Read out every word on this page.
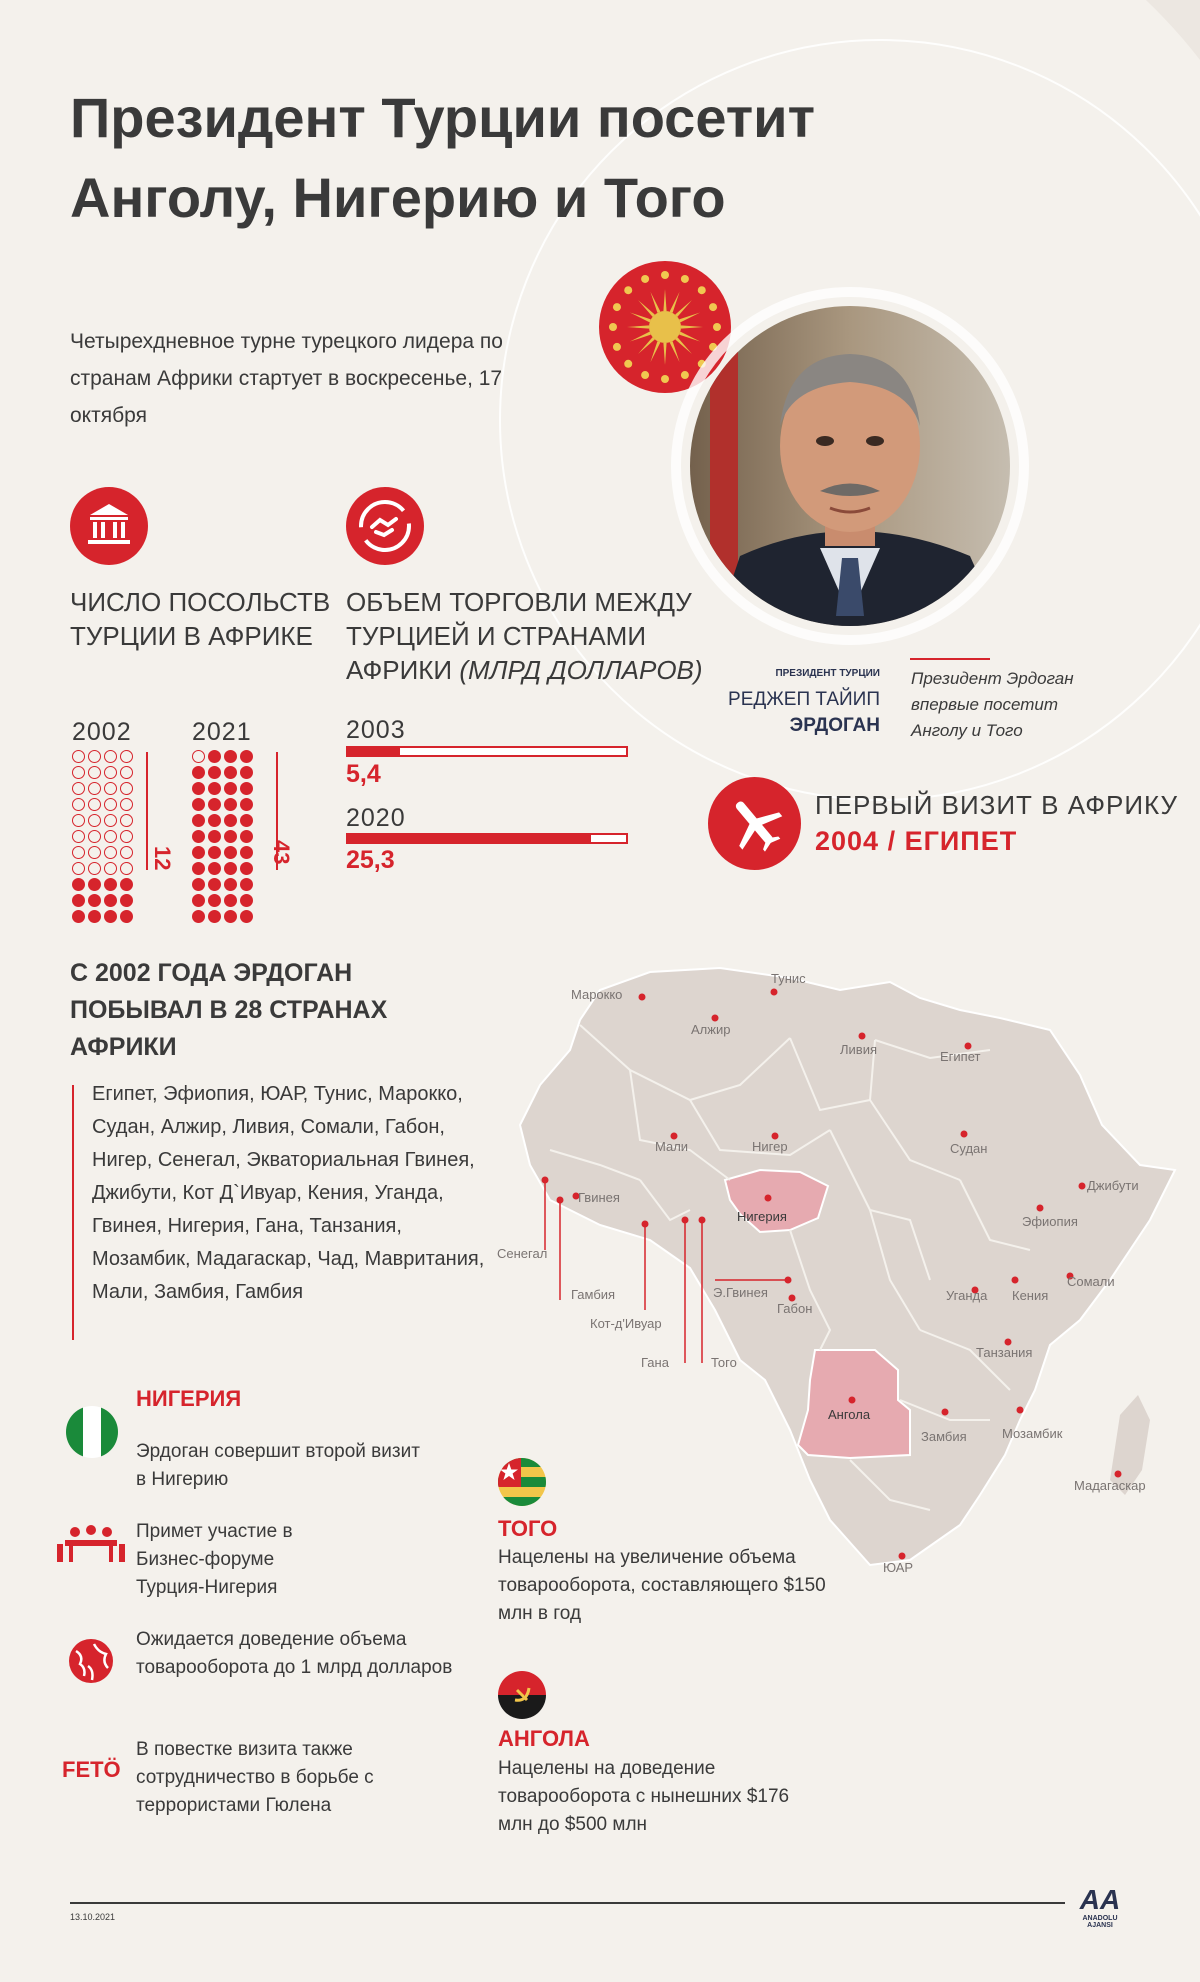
Президент Турции посетит
Анголу, Нигерию и Того
Четырехдневное турне турецкого лидера по странам Африки стартует в воскресенье, 17 октября
ЧИСЛО ПОСОЛЬСТВ
ТУРЦИИ В АФРИКЕ
ОБЪЕМ ТОРГОВЛИ МЕЖДУ
ТУРЦИЕЙ И СТРАНАМИ
АФРИКИ (МЛРД ДОЛЛАРОВ)
2002 2021
12	43
2003
5,4
2020
25,3
ПРЕЗИДЕНТ ТУРЦИИ
РЕДЖЕП ТАЙИП
ЭРДОГАН
Президент Эрдоган
впервые посетит
Анголу и Того
ПЕРВЫЙ ВИЗИТ В АФРИКУ
2004 / ЕГИПЕТ
С 2002 ГОДА ЭРДОГАН
ПОБЫВАЛ В 28 СТРАНАХ
АФРИКИ
Египет, Эфиопия, ЮАР, Тунис, Марокко, Судан, Алжир, Ливия, Сомали, Габон, Нигер, Сенегал, Экваториальная Гвинея, Джибути, Кот Д`Ивуар, Кения, Уганда, Гвинея, Нигерия, Гана, Танзания, Мозамбик, Мадагаскар, Чад, Мавритания, Мали, Замбия, Гамбия
Марокко
Тунис
Алжир
Ливия	Египет
Мали	Нигер	Судан
Гвинея
Нигерия
Джибути
Эфиопия
Сенегал
Гамбия	Э.Гвинея
Габон
Уганда Кения
Сомали
Кот-д'Ивуар
Танзания
Гана	Того
Ангола
Замбия	Мозамбик
Мадагаскар
ЮАР
НИГЕРИЯ
Эрдоган совершит второй визит в Нигерию
Примет участие в Бизнес-форуме Турция-Нигерия
Ожидается доведение объема товарооборота до 1 млрд долларов
FETÖ
В повестке визита также сотрудничество в борьбе с террористами Гюлена
ТОГО
Нацелены на увеличение объема товарооборота, составляющего $150 млн в год
АНГОЛА
Нацелены на доведение товарооборота с нынешних $176 млн до $500 млн
13.10.2021
AA
ANADOLU AJANSI
